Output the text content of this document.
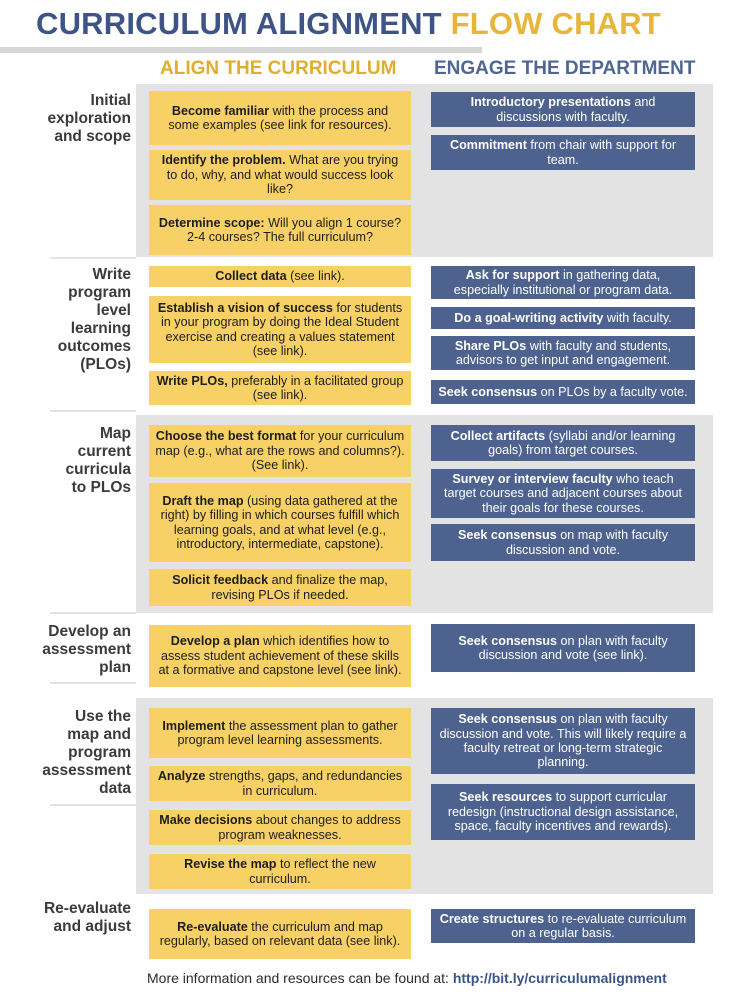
CURRICULUM ALIGNMENT FLOW CHART
ALIGN THE CURRICULUM ENGAGE THE DEPARTMENT
Initial
exploration
and scope
Write
program
level
learning
outcomes
(PLOs)
Map
current
curricula
to PLOs
Develop an
assessment
plan
Use the
map and
program
assessment
data
Re-evaluate
and adjust
Become familiar with the process and some examples (see link for resources).
Identify the problem. What are you trying to do, why, and what would success look like?
Determine scope: Will you align 1 course? 2-4 courses? The full curriculum?
Introductory presentations and discussions with faculty.
Commitment from chair with support for team.
Collect data (see link).
Establish a vision of success for students in your program by doing the Ideal Student exercise and creating a values statement (see link).
Write PLOs, preferably in a facilitated group (see link).
Ask for support in gathering data, especially institutional or program data.
Do a goal-writing activity with faculty.
Share PLOs with faculty and students, advisors to get input and engagement.
Seek consensus on PLOs by a faculty vote.
Choose the best format for your curriculum map (e.g., what are the rows and columns?). (See link).
Draft the map (using data gathered at the right) by filling in which courses fulfill which learning goals, and at what level (e.g., introductory, intermediate, capstone).
Solicit feedback and finalize the map, revising PLOs if needed.
Collect artifacts (syllabi and/or learning goals) from target courses.
Survey or interview faculty who teach target courses and adjacent courses about their goals for these courses.
Seek consensus on map with faculty discussion and vote.
Develop a plan which identifies how to assess student achievement of these skills at a formative and capstone level (see link).
Seek consensus on plan with faculty discussion and vote (see link).
Implement the assessment plan to gather program level learning assessments.
Analyze strengths, gaps, and redundancies in curriculum.
Make decisions about changes to address program weaknesses.
Revise the map to reflect the new curriculum.
Seek consensus on plan with faculty discussion and vote. This will likely require a faculty retreat or long-term strategic planning.
Seek resources to support curricular redesign (instructional design assistance, space, faculty incentives and rewards).
Re-evaluate the curriculum and map regularly, based on relevant data (see link).
Create structures to re-evaluate curriculum on a regular basis.
More information and resources can be found at: http://bit.ly/curriculumalignment
